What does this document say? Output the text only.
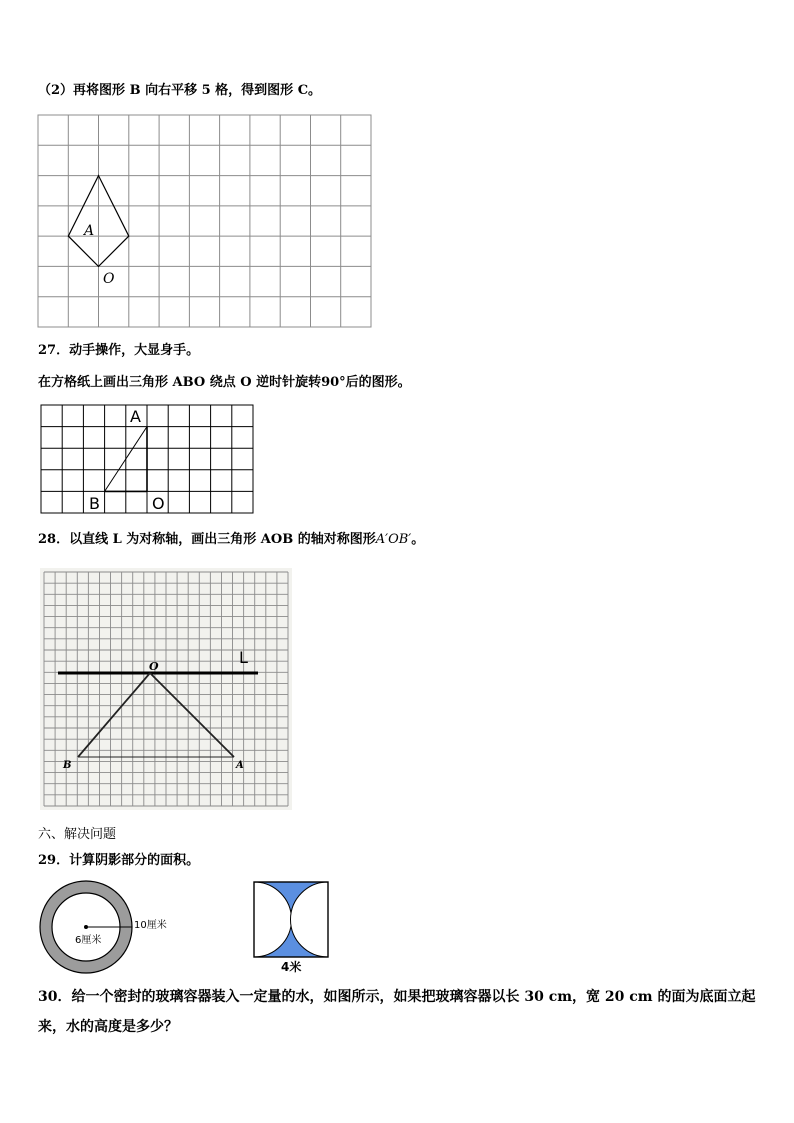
（2）再将图形 B 向右平移 5 格，得到图形 C。
27．动手操作，大显身手。
在方格纸上画出三角形 ABO 绕点 O 逆时针旋转90°后的图形。
28．以直线 L 为对称轴，画出三角形 AOB 的轴对称图形A′OB′。
六、解决问题
29．计算阴影部分的面积。
30．给一个密封的玻璃容器装入一定量的水，如图所示，如果把玻璃容器以长 30 cm，宽 20 cm 的面为底面立起来，水的高度是多少？
A
O
A
B	O
O	L
B	A
10厘米
6厘米
4米
